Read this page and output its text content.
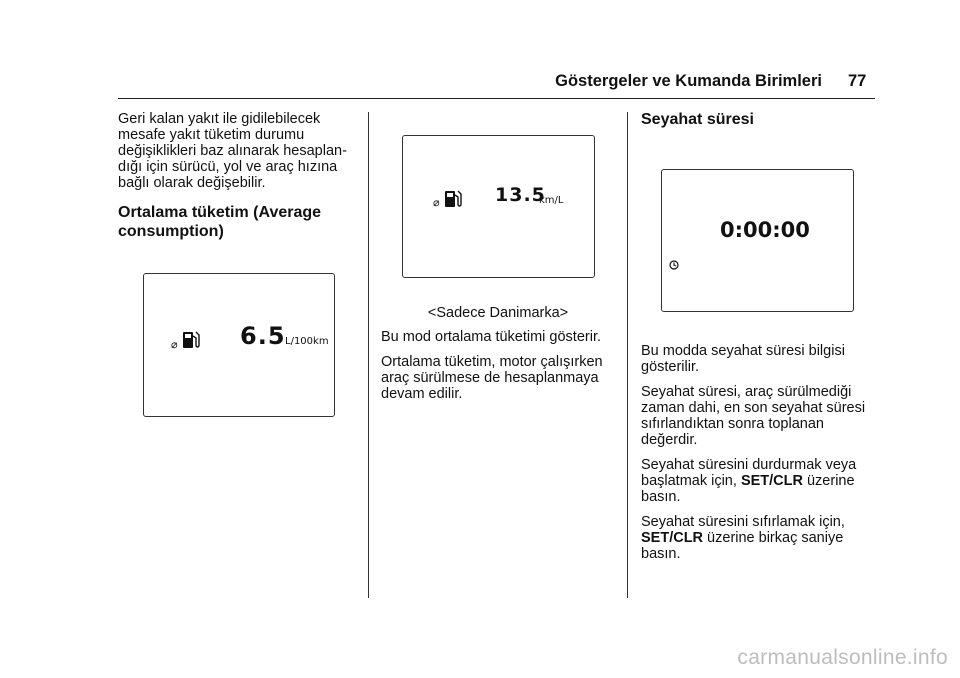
Göstergeler ve Kumanda Birimleri 77

Geri kalan yakıt ile gidilebilecek mesafe yakıt tüketim durumu değişiklikleri baz alınarak hesaplan-dığı için sürücü, yol ve araç hızına bağlı olarak değişebilir.

Ortalama tüketim (Average consumption)
⌀	6.5 L/100km
⌀	13.5
km/L
<Sadece Danimarka>

Bu mod ortalama tüketimi gösterir.

Ortalama tüketim, motor çalışırken araç sürülmese de hesaplanmaya devam edilir.

Seyahat süresi
0:00:00

Bu modda seyahat süresi bilgisi gösterilir.

Seyahat süresi, araç sürülmediği zaman dahi, en son seyahat süresi sıfırlandıktan sonra toplanan değerdir.

Seyahat süresini durdurmak veya başlatmak için, SET/CLR üzerine basın.

Seyahat süresini sıfırlamak için, SET/CLR üzerine birkaç saniye basın.

carmanualsonline.info
